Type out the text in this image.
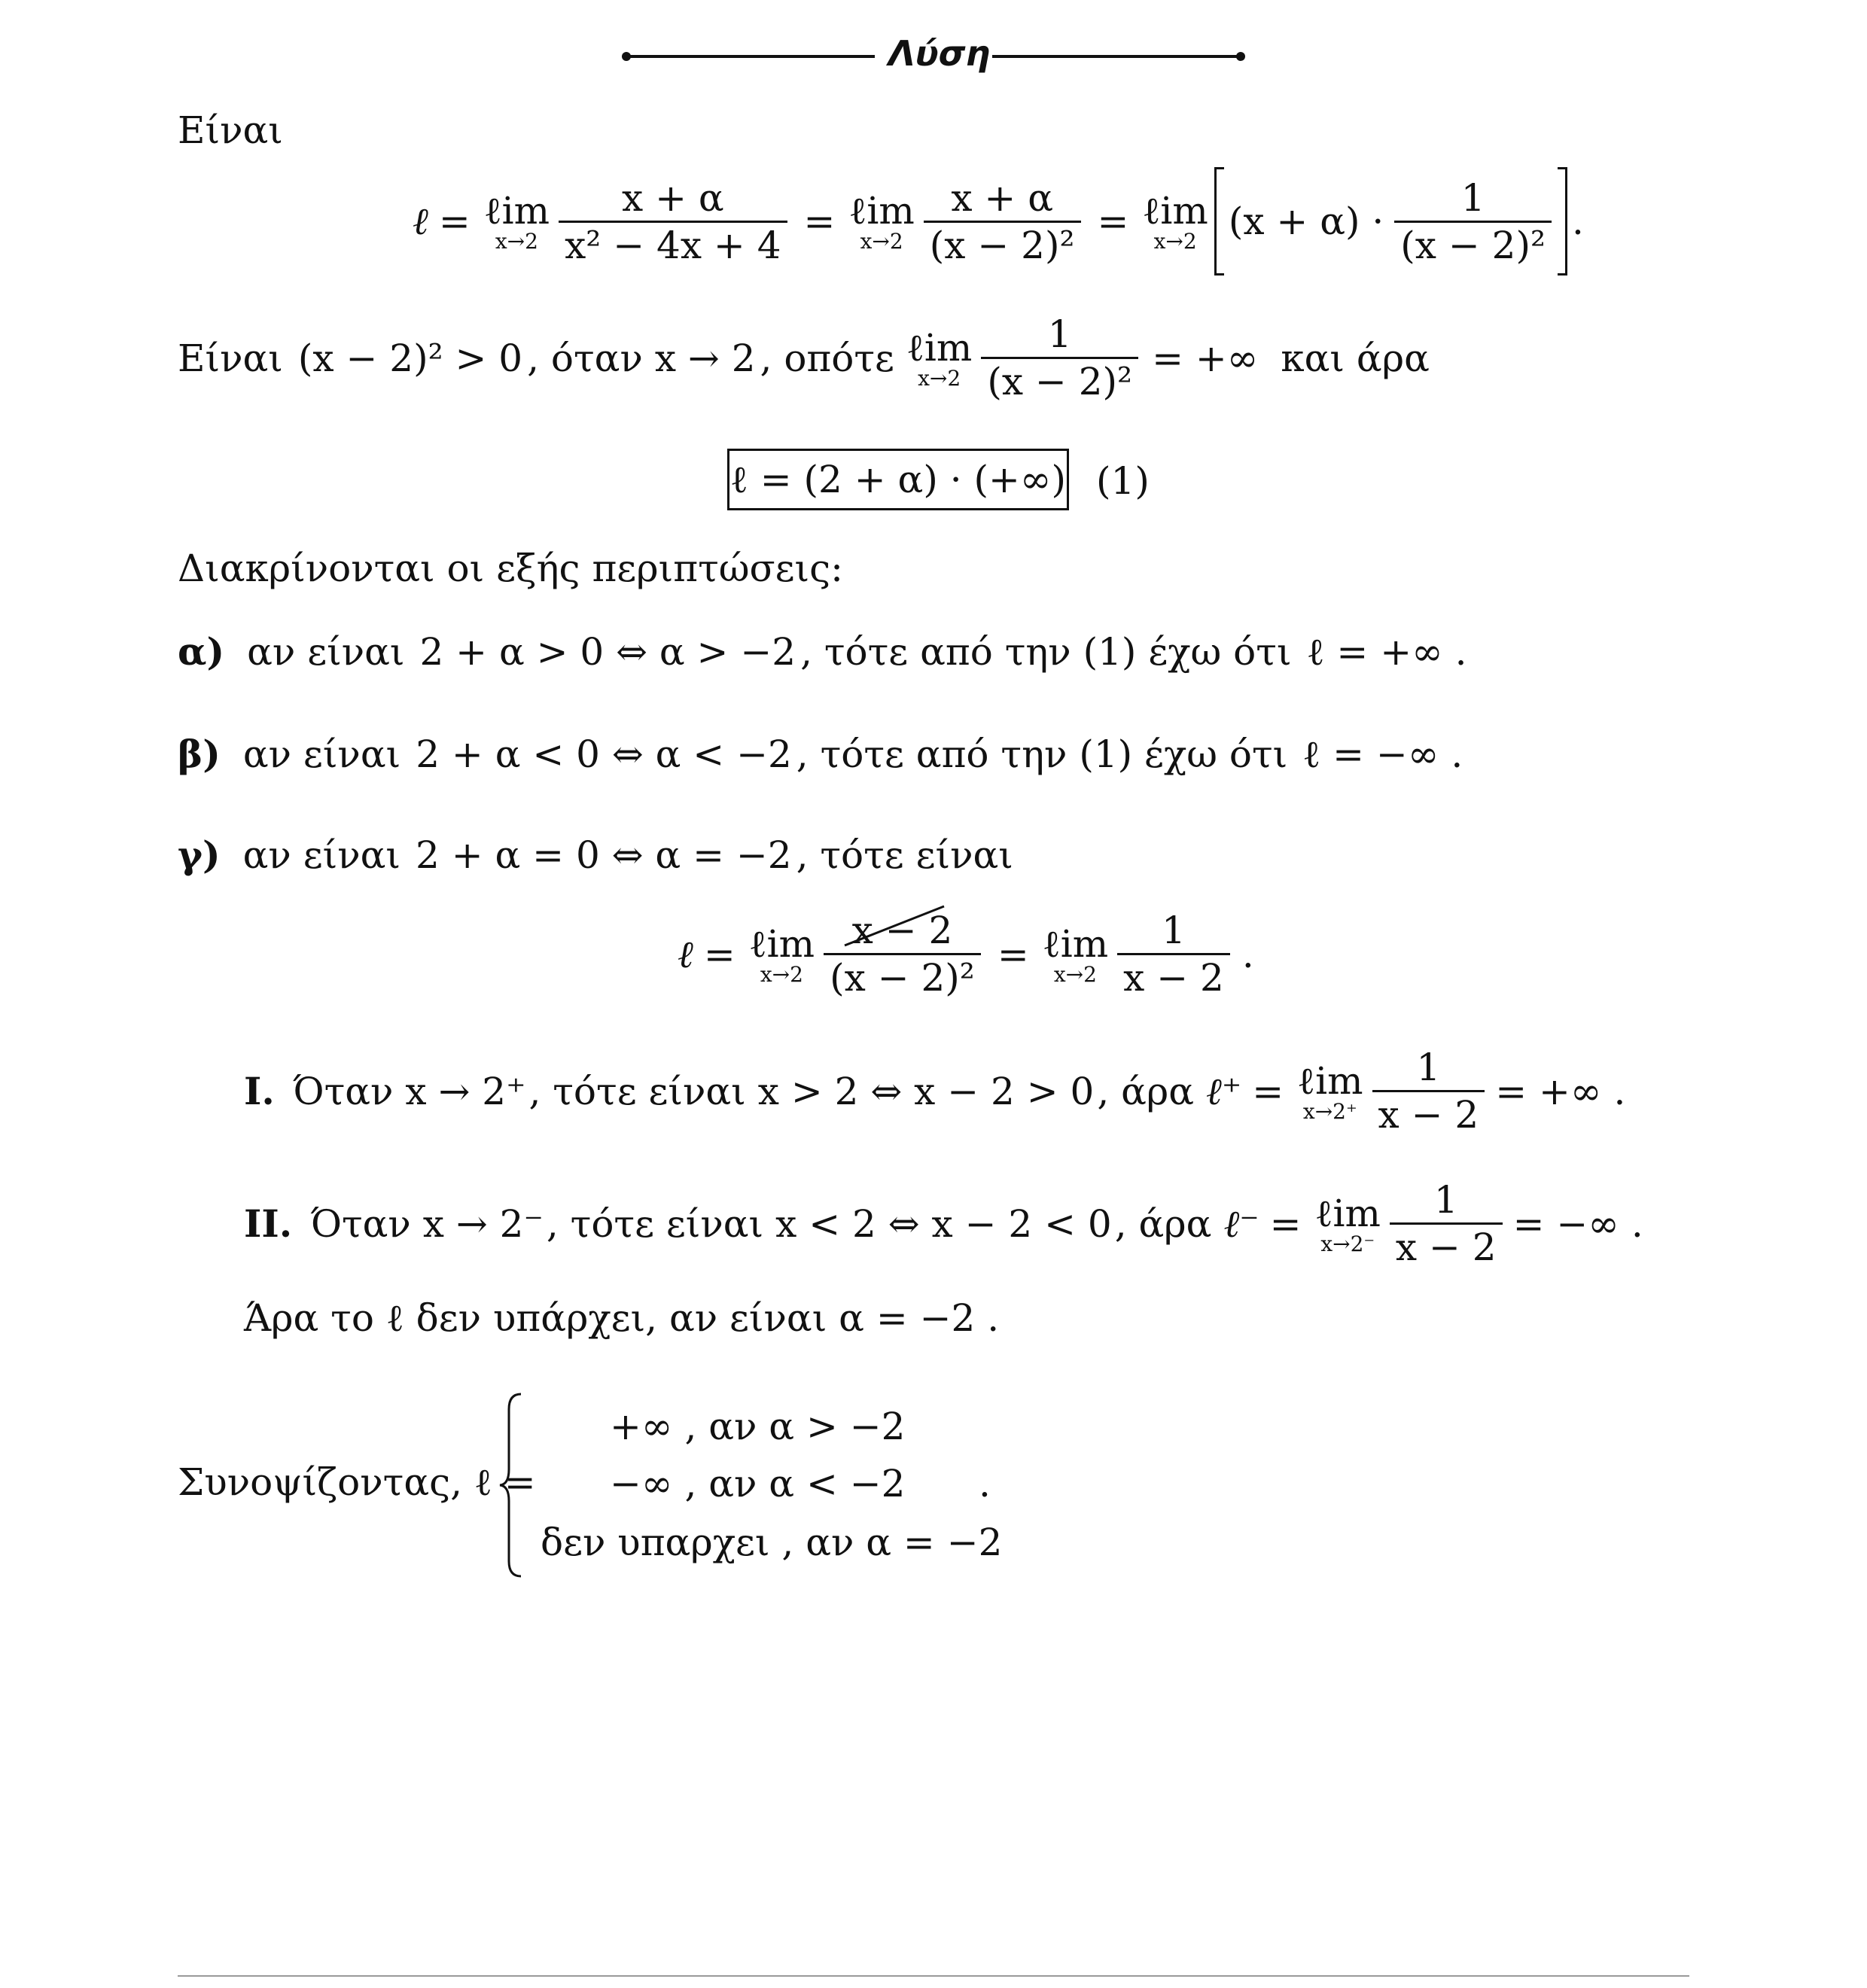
Λύση
Είναι
ℓ = ℓim
$x\to 2 \frac{x + \alpha}{\text{x² − 4x + 4}}$ = ℓim
$x\to 2 \frac{x + \alpha}{\text{(x − 2)²}}$ = ℓim
x→2 $(x + \alpha) \cdot \frac{1}{\text{(x − 2)²}}$ .
Είναι (x − 2)² > 0 , όταν x → 2 , οπότε ℓim
$x\to 2 \frac{1}{\text{(x − 2)²}}$ = +∞ και άρα
ℓ = (2 + α) · (+∞) (1)
Διακρίνονται οι εξής περιπτώσεις:
α) αν είναι 2 + α > 0 ⇔ α > −2 , τότε από την (1) έχω ότι ℓ = +∞ .
β) αν είναι 2 + α < 0 ⇔ α < −2 , τότε από την (1) έχω ότι ℓ = −∞ .
γ) αν είναι 2 + α = 0 ⇔ α = −2 , τότε είναι
ℓ = ℓim
$x\to 2 \frac{x - 2}{\text{(x − 2)²}}$ = ℓim
$x\to 2 \frac{1}{x - 2}$ .
I. Όταν x → 2⁺ , τότε είναι x > 2 ⇔ x − 2 > 0 , άρα ℓ⁺ = ℓim
$x\to 2^+ \frac{1}{x - 2}$ = +∞ .
II. Όταν x → 2⁻ , τότε είναι x < 2 ⇔ x − 2 < 0 , άρα ℓ⁻ = ℓim
$x\to 2^- \frac{1}{x - 2}$ = −∞ .
Άρα το ℓ δεν υπάρχει, αν είναι α = −2 .
Συνοψίζοντας, ℓ =
+∞ , αν α > −2
−∞ , αν α < −2
δεν υπαρχει , αν α = −2
.
